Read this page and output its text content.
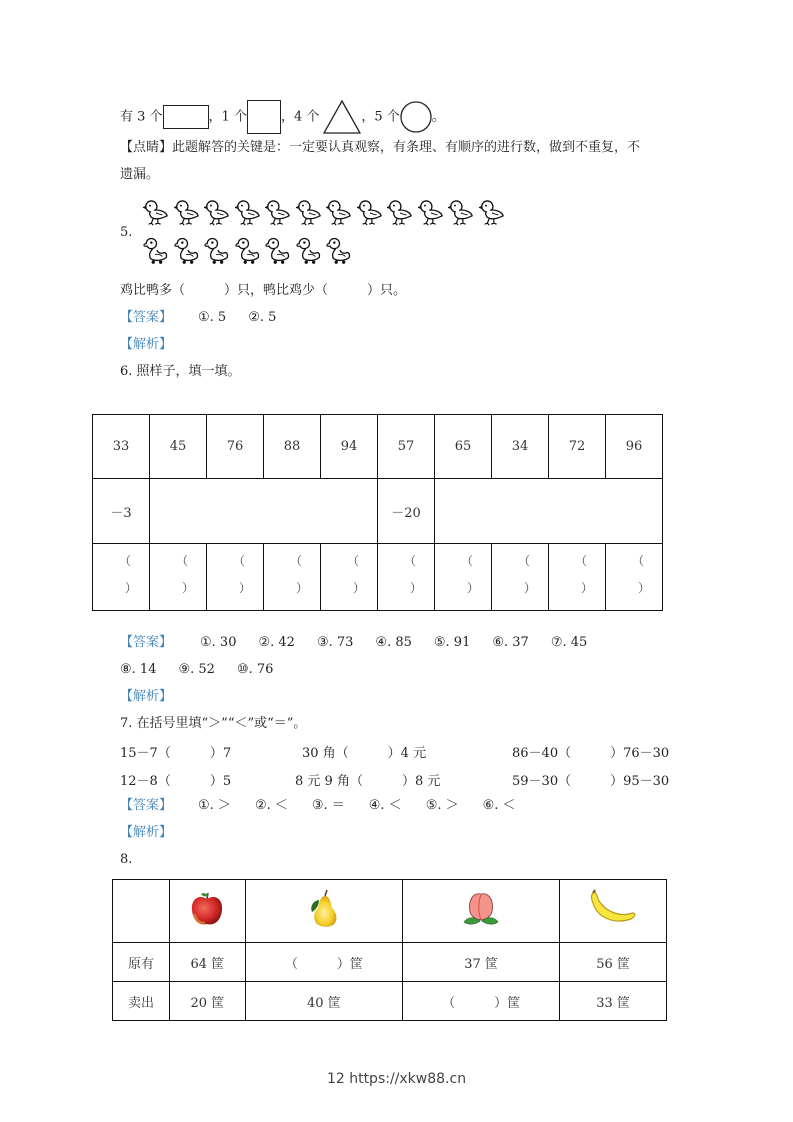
有 3 个	，1 个	，4 个	，5 个 。
【点睛】此题解答的关键是：一定要认真观察，有条理、有顺序的进行数，做到不重复，不
遗漏。
5.
鸡比鸭多（　　　）只，鸭比鸡少（　　　）只。
【答案】 ①. 5 ②. 5
【解析】
6. 照样子，填一填。
33	45	76	88	94	57	65	34	72	96
－3					－20				

（
）	（
）	（
）	（
）	（
）	（
）	（
）	（
）	（
）	（
）
【答案】 ①. 30 ②. 42 ③. 73 ④. 85 ⑤. 91 ⑥. 37 ⑦. 45
⑧. 14 ⑨. 52 ⑩. 76
【解析】
7. 在括号里填“＞”“＜”或“＝”。
15－7（　　　）7	30 角（　　　）4 元	86－40（　　　）76－30
12－8（　　　）5	8 元 9 角（　　　）8 元	59－30（　　　）95－30
【答案】 ①. ＞ ②. ＜ ③. ＝ ④. ＜ ⑤. ＞ ⑥. ＜
【解析】
8.

原有	64 筐	（　　　）筐	37 筐	56 筐
卖出	20 筐	40 筐	（　　　）筐	33 筐
12 https://xkw88.cn
